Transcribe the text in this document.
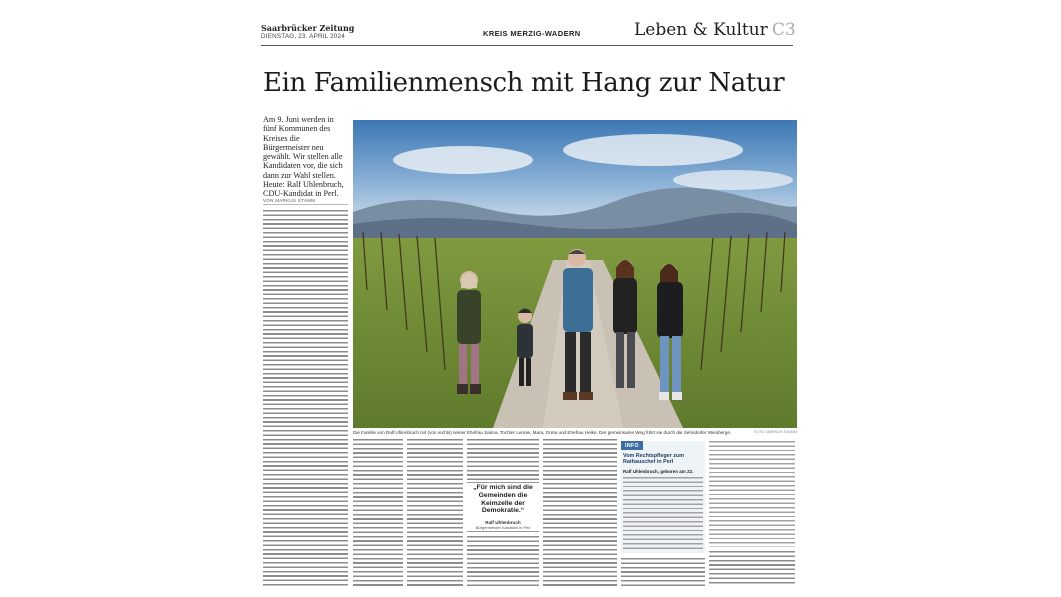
Saarbrücker Zeitung
DIENSTAG, 23. APRIL 2024	KREIS MERZIG-WADERN	Leben & Kultur C3
Ein Familienmensch mit Hang zur Natur
Am 9. Juni werden in fünf Kommunen des Kreises die Bürgermeister neu gewählt. Wir stellen alle Kandidaten vor, die sich dann zur Wahl stellen. Heute: Ralf Uhlenbruch, CDU-Kandidat in Perl.
VON MARKUS STAMM
Die Familie von Ralf Uhlenbruch mit (von rechts) seiner Ehefrau Sarina, Tochter Leonie, Mara, Greta und Ehefrau Heike. Der gemeinsame Weg führt sie durch die Sehndorfer Weinberge.	FOTO: MARKUS STAMM
„Für mich sind die Gemeinden die Keimzelle der Demokratie.“
Ralf Uhlenbruch
Bürgermeister-Kandidat in Perl
INFO
Vom Rechtspfleger zum Rathauschef in Perl
Ralf Uhlenbruch, geboren am 22.
